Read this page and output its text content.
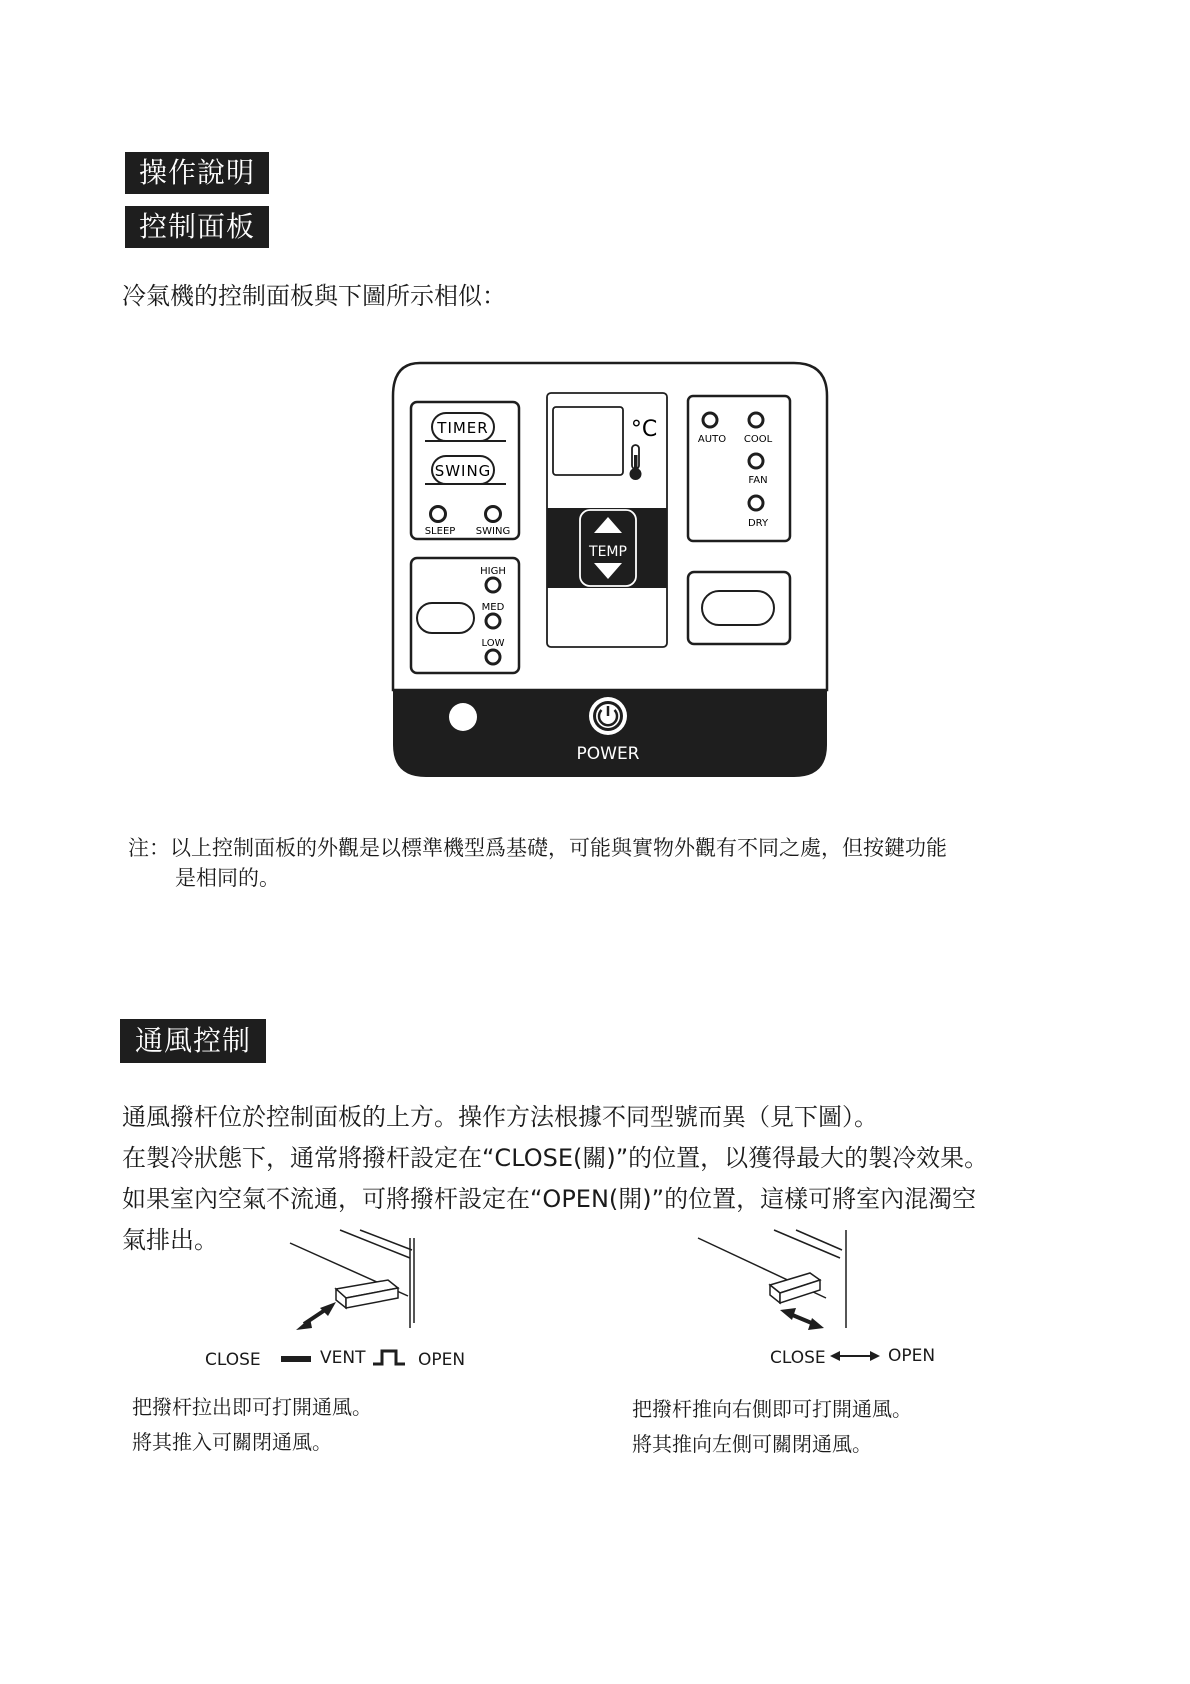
操作說明
控制面板
冷氣機的控制面板與下圖所示相似：
TIMER
SWING
SLEEP SWING
HIGH
MED
LOW
°C
TEMP
AUTO COOL
FAN
DRY
POWER
注：以上控制面板的外觀是以標準機型爲基礎，可能與實物外觀有不同之處，但按鍵功能
是相同的。
通風控制
通風撥杆位於控制面板的上方。操作方法根據不同型號而異（見下圖）。
在製冷狀態下，通常將撥杆設定在“CLOSE(關)”的位置，以獲得最大的製冷效果。
如果室內空氣不流通，可將撥杆設定在“OPEN(開)”的位置，這樣可將室內混濁空
氣排出。
CLOSE	VENT	OPEN
把撥杆拉出即可打開通風。
將其推入可關閉通風。
CLOSE	OPEN
把撥杆推向右側即可打開通風。
將其推向左側可關閉通風。
